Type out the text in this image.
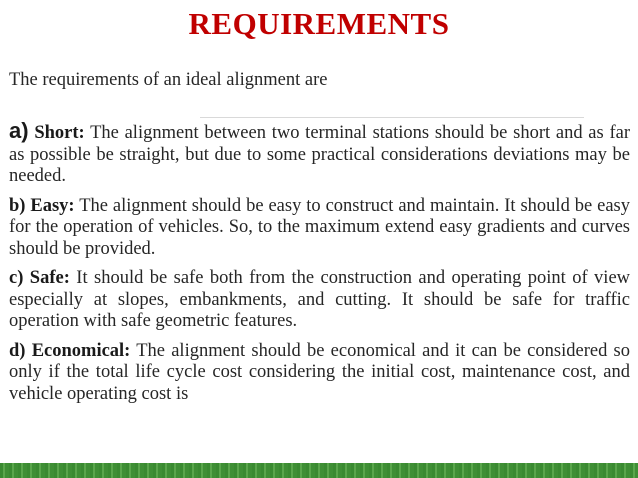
REQUIREMENTS
The requirements of an ideal alignment are
a) Short: The alignment between two terminal stations should be short and as far as possible be straight, but due to some practical considerations deviations may be needed.
b) Easy: The alignment should be easy to construct and maintain. It should be easy for the operation of vehicles. So, to the maximum extend easy gradients and curves should be provided.
c) Safe: It should be safe both from the construction and operating point of view especially at slopes, embankments, and cutting. It should be safe for traffic operation with safe geometric features.
d) Economical: The alignment should be economical and it can be considered so only if the total life cycle cost considering the initial cost, maintenance cost, and vehicle operating cost is
